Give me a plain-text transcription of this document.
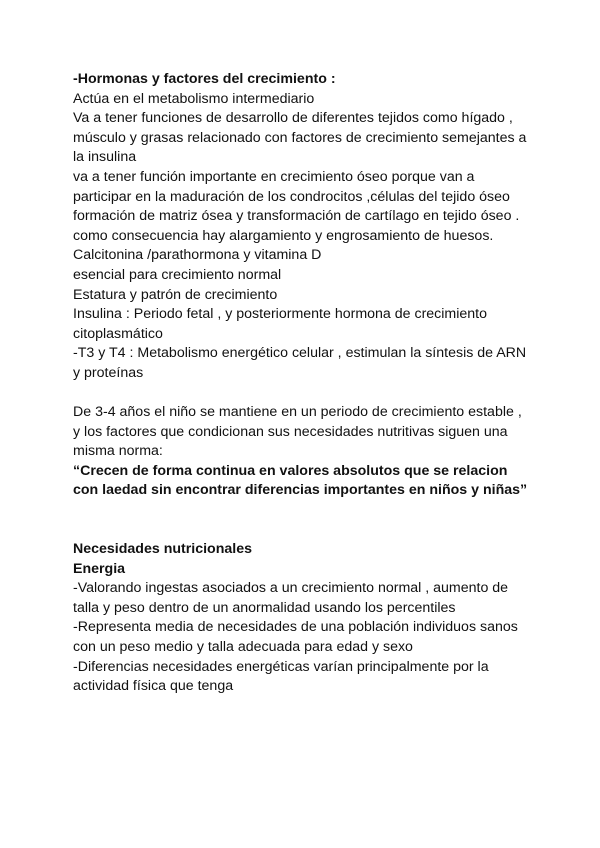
-Hormonas y factores del crecimiento :
Actúa en el metabolismo intermediario
Va a tener funciones de desarrollo de diferentes tejidos como hígado ,
músculo y grasas relacionado con factores de crecimiento semejantes a
la insulina
va a tener función importante en crecimiento óseo porque van a
participar en la maduración de los condrocitos ,células del tejido óseo
formación de matriz ósea y transformación de cartílago en tejido óseo .
como consecuencia hay alargamiento y engrosamiento de huesos.
Calcitonina /parathormona y vitamina D
esencial para crecimiento normal
Estatura y patrón de crecimiento
Insulina : Periodo fetal , y posteriormente hormona de crecimiento
citoplasmático
-T3 y T4 : Metabolismo energético celular , estimulan la síntesis de ARN
y proteínas
De 3-4 años el niño se mantiene en un periodo de crecimiento estable ,
y los factores que condicionan sus necesidades nutritivas siguen una
misma norma:
“Crecen de forma continua en valores absolutos que se relacion
con laedad sin encontrar diferencias importantes en niños y niñas”
Necesidades nutricionales
Energia
-Valorando ingestas asociados a un crecimiento normal , aumento de
talla y peso dentro de un anormalidad usando los percentiles
-Representa media de necesidades de una población individuos sanos
con un peso medio y talla adecuada para edad y sexo
-Diferencias necesidades energéticas varían principalmente por la
actividad física que tenga
